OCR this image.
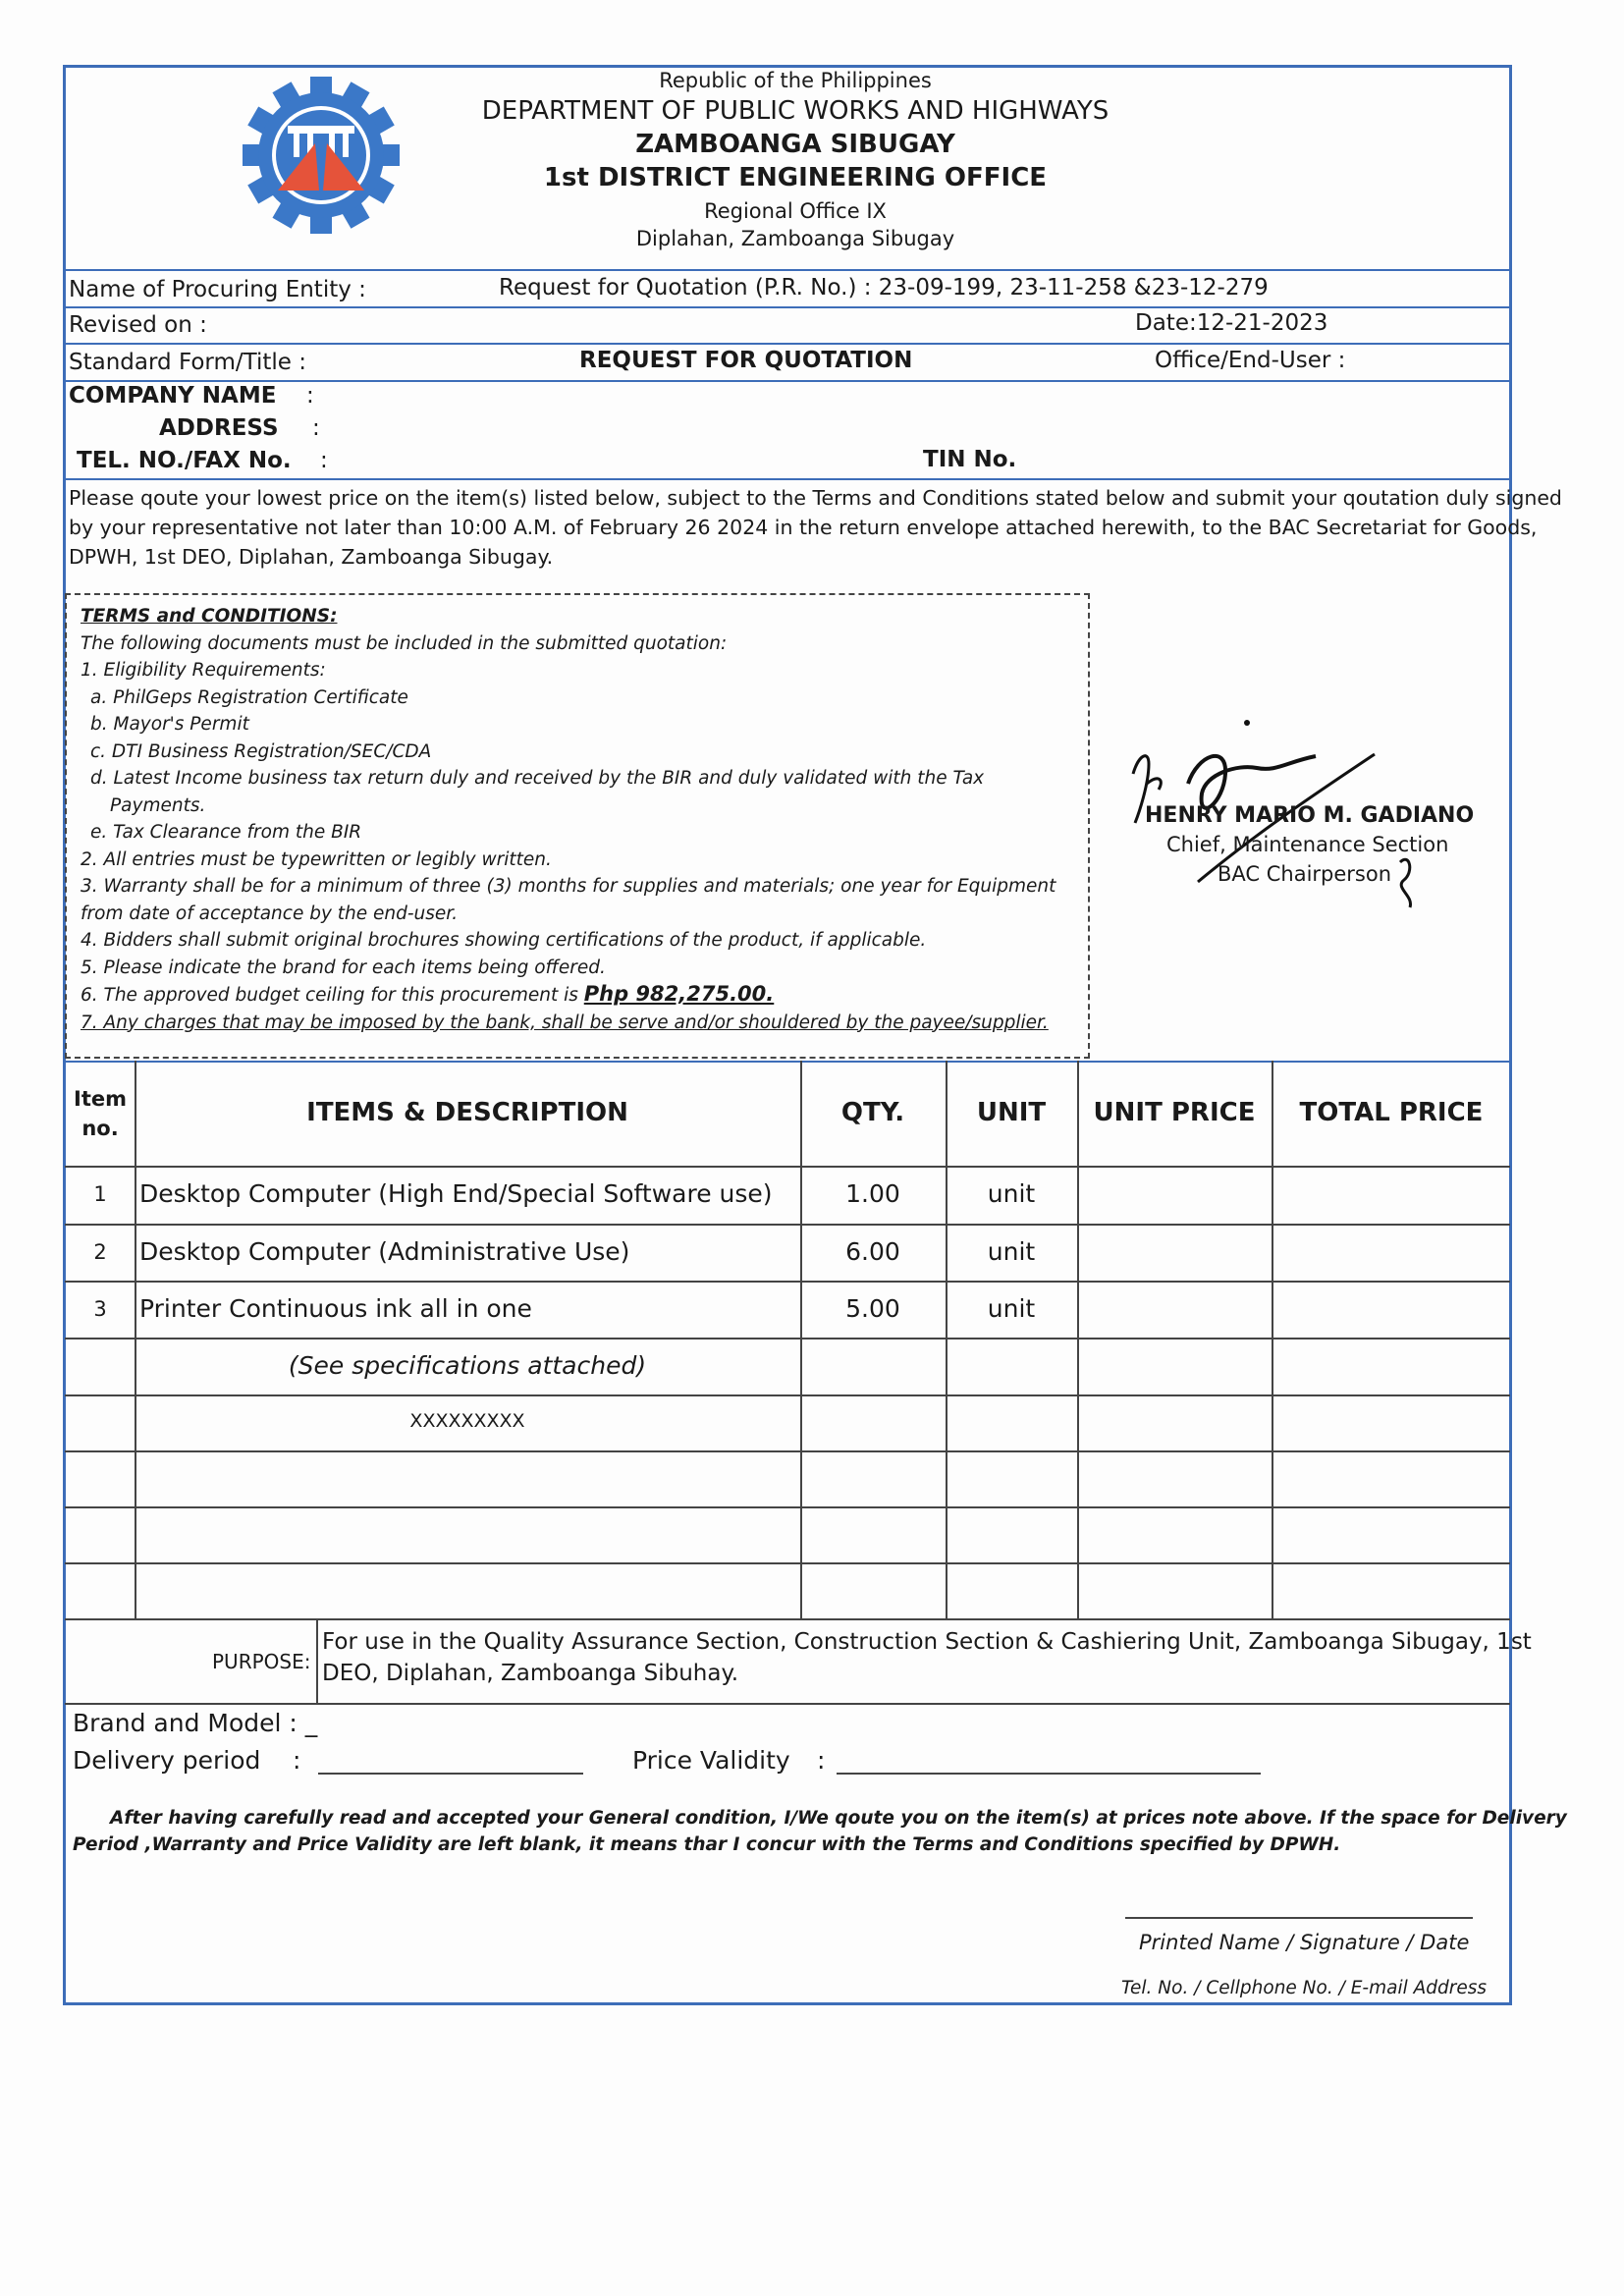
Republic of the Philippines
DEPARTMENT OF PUBLIC WORKS AND HIGHWAYS
ZAMBOANGA SIBUGAY
1st DISTRICT ENGINEERING OFFICE
Regional Office IX
Diplahan, Zamboanga Sibugay
Name of Procuring Entity :	Request for Quotation (P.R. No.) : 23-09-199, 23-11-258 &23-12-279
Revised on :	Date:12-21-2023
Standard Form/Title :	REQUEST FOR QUOTATION	Office/End-User :
COMPANY NAME :
ADDRESS :
TEL. NO./FAX No. :	TIN No.
Please qoute your lowest price on the item(s) listed below, subject to the Terms and Conditions stated below and submit your qoutation duly signed
by your representative not later than 10:00 A.M. of February 26 2024 in the return envelope attached herewith, to the BAC Secretariat for Goods,
DPWH, 1st DEO, Diplahan, Zamboanga Sibugay.
TERMS and CONDITIONS:
The following documents must be included in the submitted quotation:
1. Eligibility Requirements:
a. PhilGeps Registration Certificate
b. Mayor's Permit
c. DTI Business Registration/SEC/CDA
d. Latest Income business tax return duly and received by the BIR and duly validated with the Tax
Payments.
e. Tax Clearance from the BIR
2. All entries must be typewritten or legibly written.
3. Warranty shall be for a minimum of three (3) months for supplies and materials; one year for Equipment
from date of acceptance by the end-user.
4. Bidders shall submit original brochures showing certifications of the product, if applicable.
5. Please indicate the brand for each items being offered.
6. The approved budget ceiling for this procurement is Php 982,275.00.
7. Any charges that may be imposed by the bank, shall be serve and/or shouldered by the payee/supplier.
HENRY MARIO M. GADIANO
Chief, Maintenance Section
BAC Chairperson
Item no.
ITEMS & DESCRIPTION	QTY.	UNIT	UNIT PRICE	TOTAL PRICE
1	Desktop Computer (High End/Special Software use)	1.00	unit
2	Desktop Computer (Administrative Use)	6.00	unit
3	Printer Continuous ink all in one	5.00	unit
(See specifications attached)
XXXXXXXXX
PURPOSE:
For use in the Quality Assurance Section, Construction Section & Cashiering Unit, Zamboanga Sibugay, 1st
DEO, Diplahan, Zamboanga Sibuhay.
Brand and Model : _
Delivery period :	Price Validity :
After having carefully read and accepted your General condition, I/We qoute you on the item(s) at prices note above. If the space for Delivery
Period ,Warranty and Price Validity are left blank, it means thar I concur with the Terms and Conditions specified by DPWH.
Printed Name / Signature / Date
Tel. No. / Cellphone No. / E-mail Address
